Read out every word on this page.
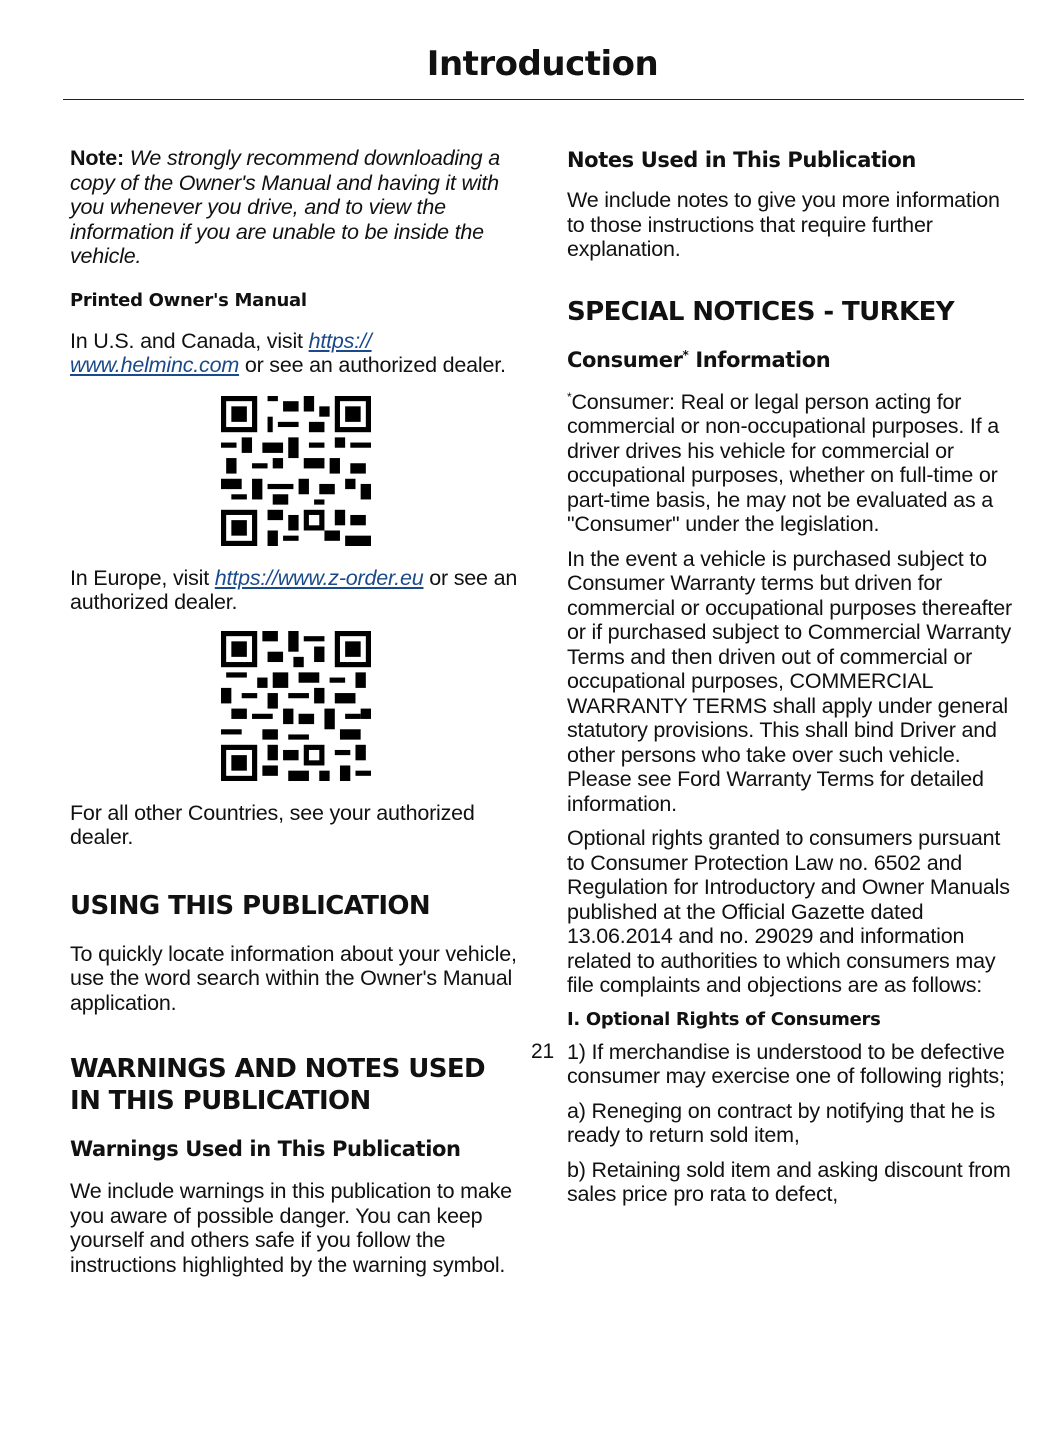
Introduction

Note: We strongly recommend downloading a copy of the Owner's Manual and having it with you whenever you drive, and to view the information if you are unable to be inside the vehicle.

Printed Owner's Manual

In U.S. and Canada, visit https:// www.helminc.com or see an authorized dealer.

In Europe, visit https://www.z-order.eu or see an authorized dealer.

For all other Countries, see your authorized dealer.

USING THIS PUBLICATION

To quickly locate information about your vehicle, use the word search within the Owner's Manual application.

WARNINGS AND NOTES USED IN THIS PUBLICATION
Warnings Used in This Publication

We include warnings in this publication to make you aware of possible danger. You can keep yourself and others safe if you follow the instructions highlighted by the warning symbol.

Notes Used in This Publication

We include notes to give you more information to those instructions that require further explanation.

SPECIAL NOTICES - TURKEY
Consumer* Information

*Consumer: Real or legal person acting for commercial or non-occupational purposes. If a driver drives his vehicle for commercial or occupational purposes, whether on full-time or part-time basis, he may not be evaluated as a "Consumer" under the legislation.

In the event a vehicle is purchased subject to Consumer Warranty terms but driven for commercial or occupational purposes thereafter or if purchased subject to Commercial Warranty Terms and then driven out of commercial or occupational purposes, COMMERCIAL WARRANTY TERMS shall apply under general statutory provisions. This shall bind Driver and other persons who take over such vehicle. Please see Ford Warranty Terms for detailed information.

Optional rights granted to consumers pursuant to Consumer Protection Law no. 6502 and Regulation for Introductory and Owner Manuals published at the Official Gazette dated 13.06.2014 and no. 29029 and information related to authorities to which consumers may file complaints and objections are as follows:

I. Optional Rights of Consumers

1) If merchandise is understood to be defective consumer may exercise one of following rights;

a) Reneging on contract by notifying that he is ready to return sold item,

b) Retaining sold item and asking discount from sales price pro rata to defect,

21
